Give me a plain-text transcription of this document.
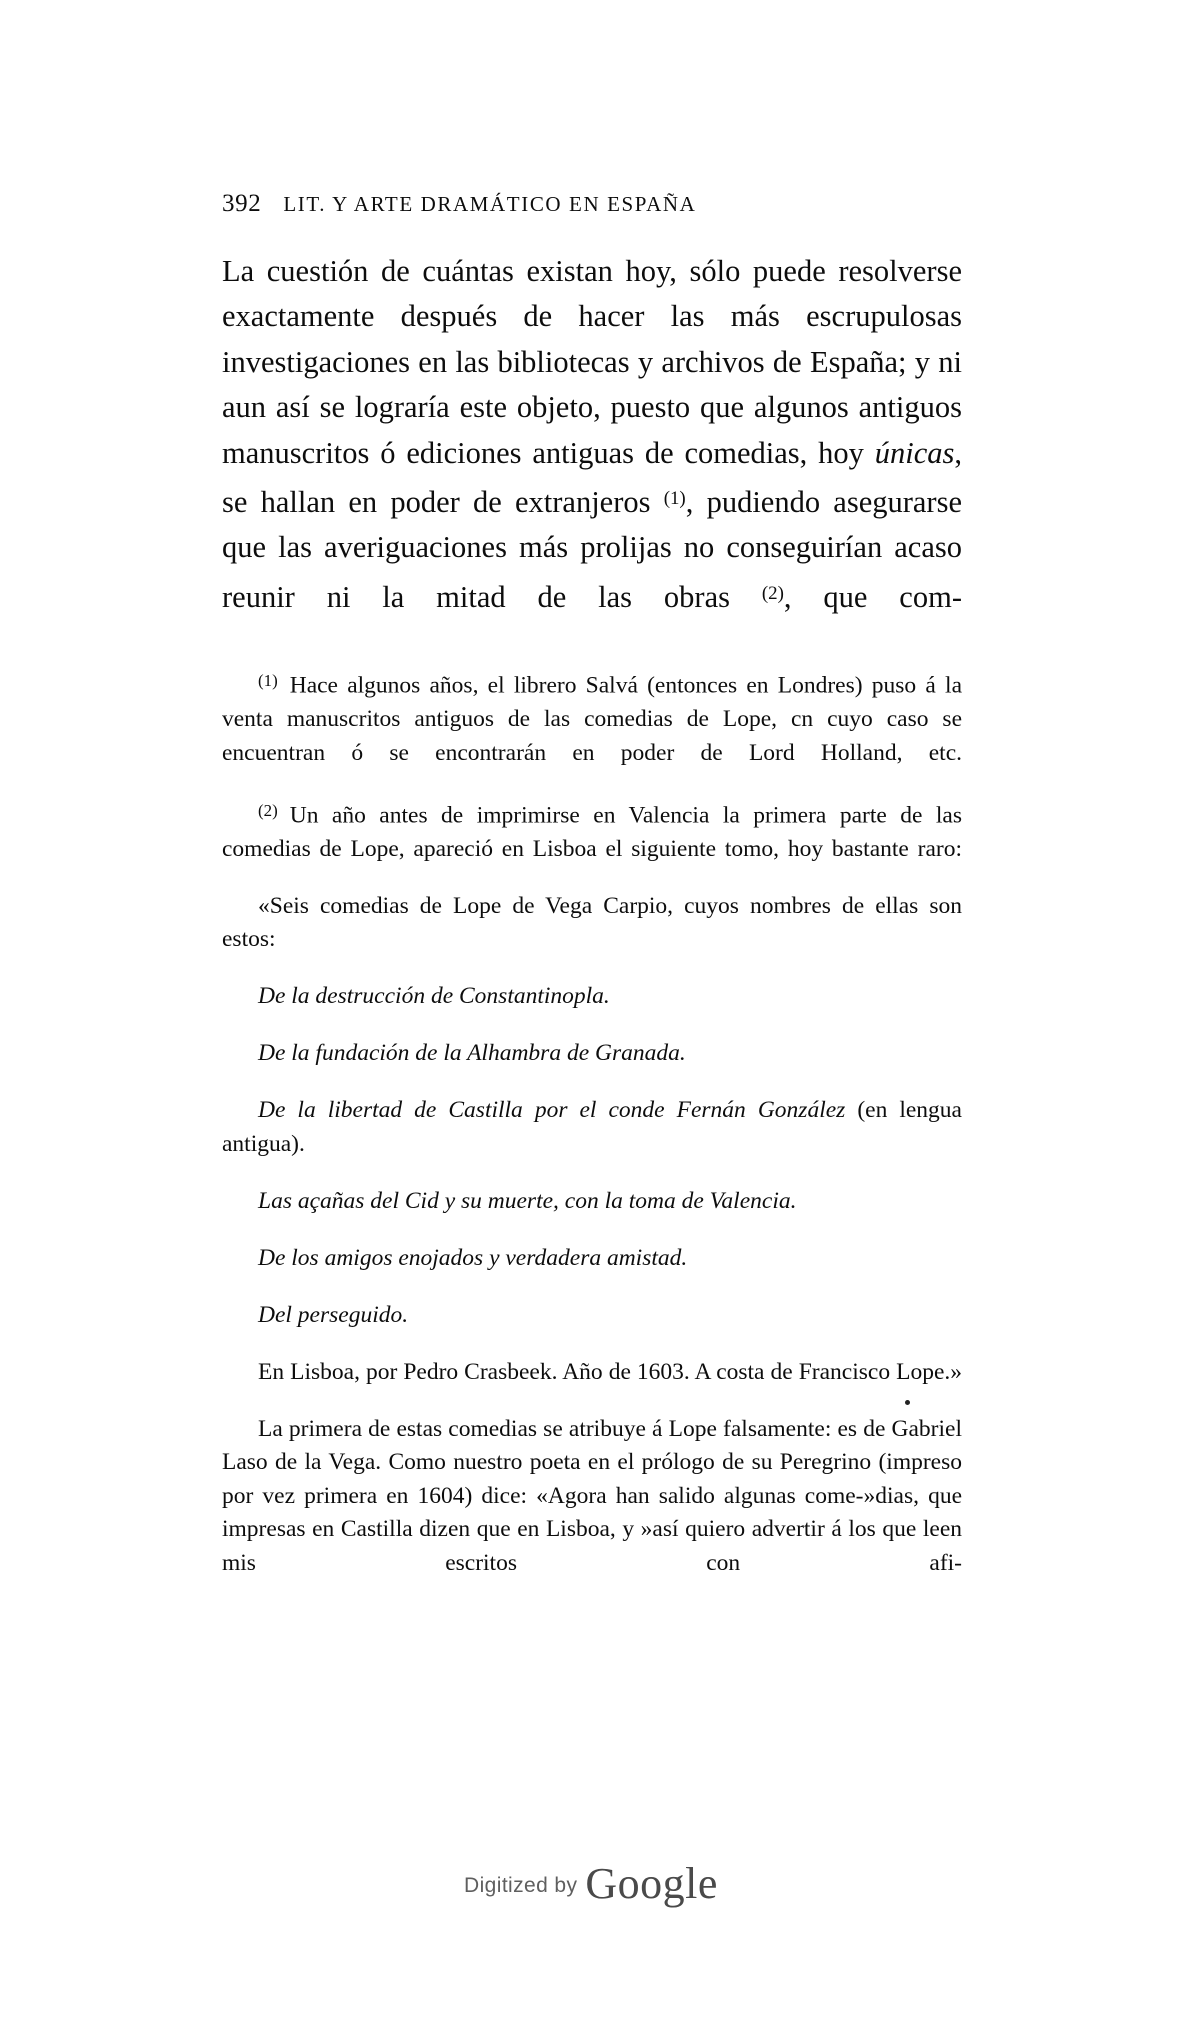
392 LIT. Y ARTE DRAMÁTICO EN ESPAÑA

La cuestión de cuántas existan hoy, sólo puede resolverse exactamente después de hacer las más escrupulosas investigaciones en las bibliotecas y archivos de España; y ni aun así se lograría este objeto, puesto que algunos antiguos manuscritos ó ediciones antiguas de comedias, hoy únicas, se hallan en poder de extranjeros $^{(1)}$, pudiendo asegurarse que las averiguaciones más prolijas no conseguirían acaso reunir ni la mitad de las obras $^{(2)}$, que com-

$^{(1)}$ Hace algunos años, el librero Salvá (entonces en Londres) puso á la venta manuscritos antiguos de las comedias de Lope, cn cuyo caso se encuentran ó se encontrarán en poder de Lord Holland, etc.

$^{(2)}$ Un año antes de imprimirse en Valencia la primera parte de las comedias de Lope, apareció en Lisboa el siguiente tomo, hoy bastante raro:

«Seis comedias de Lope de Vega Carpio, cuyos nombres de ellas son estos:

De la destrucción de Constantinopla.

De la fundación de la Alhambra de Granada.

De la libertad de Castilla por el conde Fernán González (en lengua antigua).

Las açañas del Cid y su muerte, con la toma de Valencia.

De los amigos enojados y verdadera amistad.

Del perseguido.

En Lisboa, por Pedro Crasbeek. Año de 1603. A costa de Francisco Lope.»

La primera de estas comedias se atribuye á Lope falsamente: es de Gabriel Laso de la Vega. Como nuestro poeta en el prólogo de su Peregrino (impreso por vez primera en 1604) dice: «Agora han salido algunas come-»dias, que impresas en Castilla dizen que en Lisboa, y »así quiero advertir á los que leen mis escritos con afi-

Digitized by Google
